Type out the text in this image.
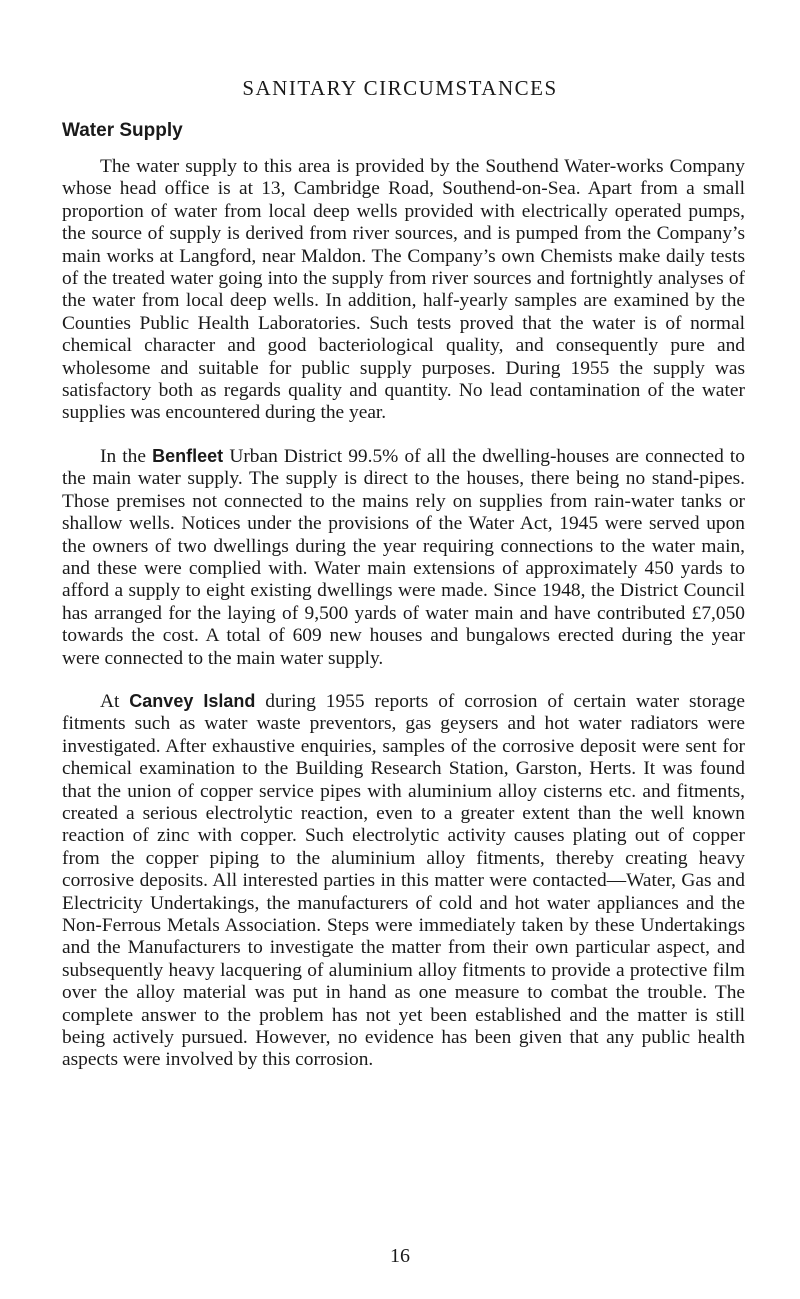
SANITARY CIRCUMSTANCES
Water Supply

The water supply to this area is provided by the Southend Water-works Company whose head office is at 13, Cambridge Road, Southend-on-Sea. Apart from a small proportion of water from local deep wells provided with electrically operated pumps, the source of supply is derived from river sources, and is pumped from the Company’s main works at Langford, near Maldon. The Company’s own Chemists make daily tests of the treated water going into the supply from river sources and fortnightly analyses of the water from local deep wells. In addition, half-yearly samples are examined by the Counties Public Health Laboratories. Such tests proved that the water is of normal chemical character and good bacteriological quality, and consequently pure and wholesome and suitable for public supply purposes. During 1955 the supply was satisfactory both as regards quality and quantity. No lead contamination of the water supplies was encountered during the year.

In the Benfleet Urban District 99.5% of all the dwelling-houses are connected to the main water supply. The supply is direct to the houses, there being no stand-pipes. Those premises not connected to the mains rely on supplies from rain-water tanks or shallow wells. Notices under the provisions of the Water Act, 1945 were served upon the owners of two dwellings during the year requiring connections to the water main, and these were complied with. Water main extensions of approximately 450 yards to afford a supply to eight existing dwellings were made. Since 1948, the District Council has arranged for the laying of 9,500 yards of water main and have contributed £7,050 towards the cost. A total of 609 new houses and bungalows erected during the year were connected to the main water supply.

At Canvey Island during 1955 reports of corrosion of certain water storage fitments such as water waste preventors, gas geysers and hot water radiators were investigated. After exhaustive enquiries, samples of the corrosive deposit were sent for chemical examination to the Building Research Station, Garston, Herts. It was found that the union of copper service pipes with aluminium alloy cisterns etc. and fitments, created a serious electrolytic reaction, even to a greater extent than the well known reaction of zinc with copper. Such electrolytic activity causes plating out of copper from the copper piping to the aluminium alloy fitments, thereby creating heavy corrosive deposits. All interested parties in this matter were contacted—Water, Gas and Electricity Undertakings, the manufacturers of cold and hot water appliances and the Non-Ferrous Metals Association. Steps were immediately taken by these Undertakings and the Manufacturers to investigate the matter from their own particular aspect, and subsequently heavy lacquering of aluminium alloy fitments to provide a protective film over the alloy material was put in hand as one measure to combat the trouble. The complete answer to the problem has not yet been established and the matter is still being actively pursued. However, no evidence has been given that any public health aspects were involved by this corrosion.

16
